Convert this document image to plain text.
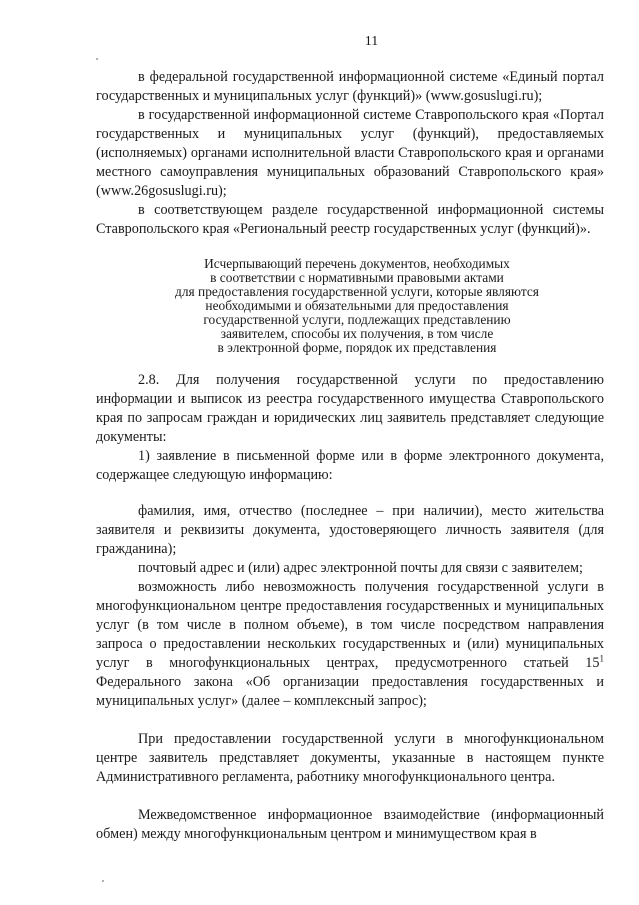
11

в федеральной государственной информационной системе «Единый портал государственных и муниципальных услуг (функций)» (www.gosuslugi.ru);

в государственной информационной системе Ставропольского края «Портал государственных и муниципальных услуг (функций), предоставляемых (исполняемых) органами исполнительной власти Ставропольского края и органами местного самоуправления муниципальных образований Ставропольского края» (www.26gosuslugi.ru);

в соответствующем разделе государственной информационной системы Ставропольского края «Региональный реестр государственных услуг (функций)».

Исчерпывающий перечень документов, необходимых
в соответствии с нормативными правовыми актами
для предоставления государственной услуги, которые являются
необходимыми и обязательными для предоставления
государственной услуги, подлежащих представлению
заявителем, способы их получения, в том числе
в электронной форме, порядок их представления

2.8. Для получения государственной услуги по предоставлению информации и выписок из реестра государственного имущества Ставропольского края по запросам граждан и юридических лиц заявитель представляет следующие документы:

1) заявление в письменной форме или в форме электронного документа, содержащее следующую информацию:

фамилия, имя, отчество (последнее – при наличии), место жительства заявителя и реквизиты документа, удостоверяющего личность заявителя (для гражданина);

почтовый адрес и (или) адрес электронной почты для связи с заявителем;

возможность либо невозможность получения государственной услуги в многофункциональном центре предоставления государственных и муниципальных услуг (в том числе в полном объеме), в том числе посредством направления запроса о предоставлении нескольких государственных и (или) муниципальных услуг в многофункциональных центрах, предусмотренного статьей $15^1$ Федерального закона «Об организации предоставления государственных и муниципальных услуг» (далее – комплексный запрос);

При предоставлении государственной услуги в многофункциональном центре заявитель представляет документы, указанные в настоящем пункте Административного регламента, работнику многофункционального центра.

Межведомственное информационное взаимодействие (информационный обмен) между многофункциональным центром и минимуществом края в
